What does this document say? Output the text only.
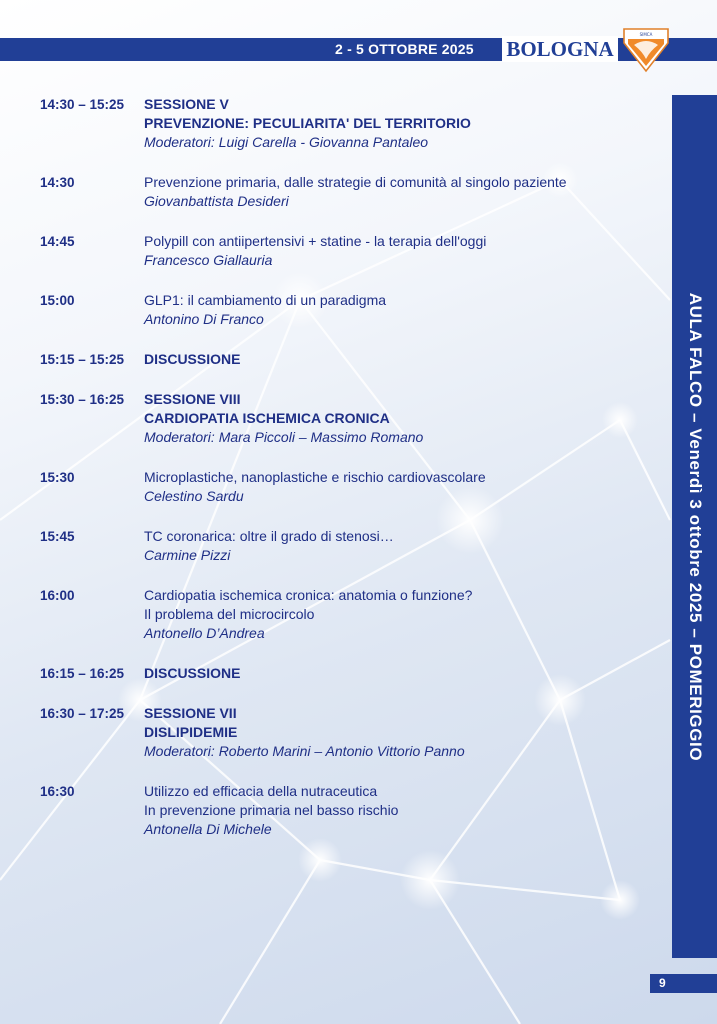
2 - 5 OTTOBRE 2025 BOLOGNA
SIMCA
AULA FALCO – Venerdì 3 ottobre 2025 – POMERIGGIO
14:30 – 15:25	SESSIONE V
PREVENZIONE: PECULIARITA' DEL TERRITORIO
Moderatori: Luigi Carella - Giovanna Pantaleo
14:30	Prevenzione primaria, dalle strategie di comunità al singolo paziente
Giovanbattista Desideri
14:45	Polypill con antiipertensivi + statine - la terapia dell'oggi
Francesco Giallauria
15:00	GLP1: il cambiamento di un paradigma
Antonino Di Franco
15:15 – 15:25	DISCUSSIONE
15:30 – 16:25	SESSIONE VIII
CARDIOPATIA ISCHEMICA CRONICA
Moderatori: Mara Piccoli – Massimo Romano
15:30	Microplastiche, nanoplastiche e rischio cardiovascolare
Celestino Sardu
15:45	TC coronarica: oltre il grado di stenosi…
Carmine Pizzi
16:00	Cardiopatia ischemica cronica: anatomia o funzione?
Il problema del microcircolo
Antonello D’Andrea
16:15 – 16:25	DISCUSSIONE
16:30 – 17:25	SESSIONE VII
DISLIPIDEMIE
Moderatori: Roberto Marini – Antonio Vittorio Panno
16:30	Utilizzo ed efficacia della nutraceutica
In prevenzione primaria nel basso rischio
Antonella Di Michele
9
